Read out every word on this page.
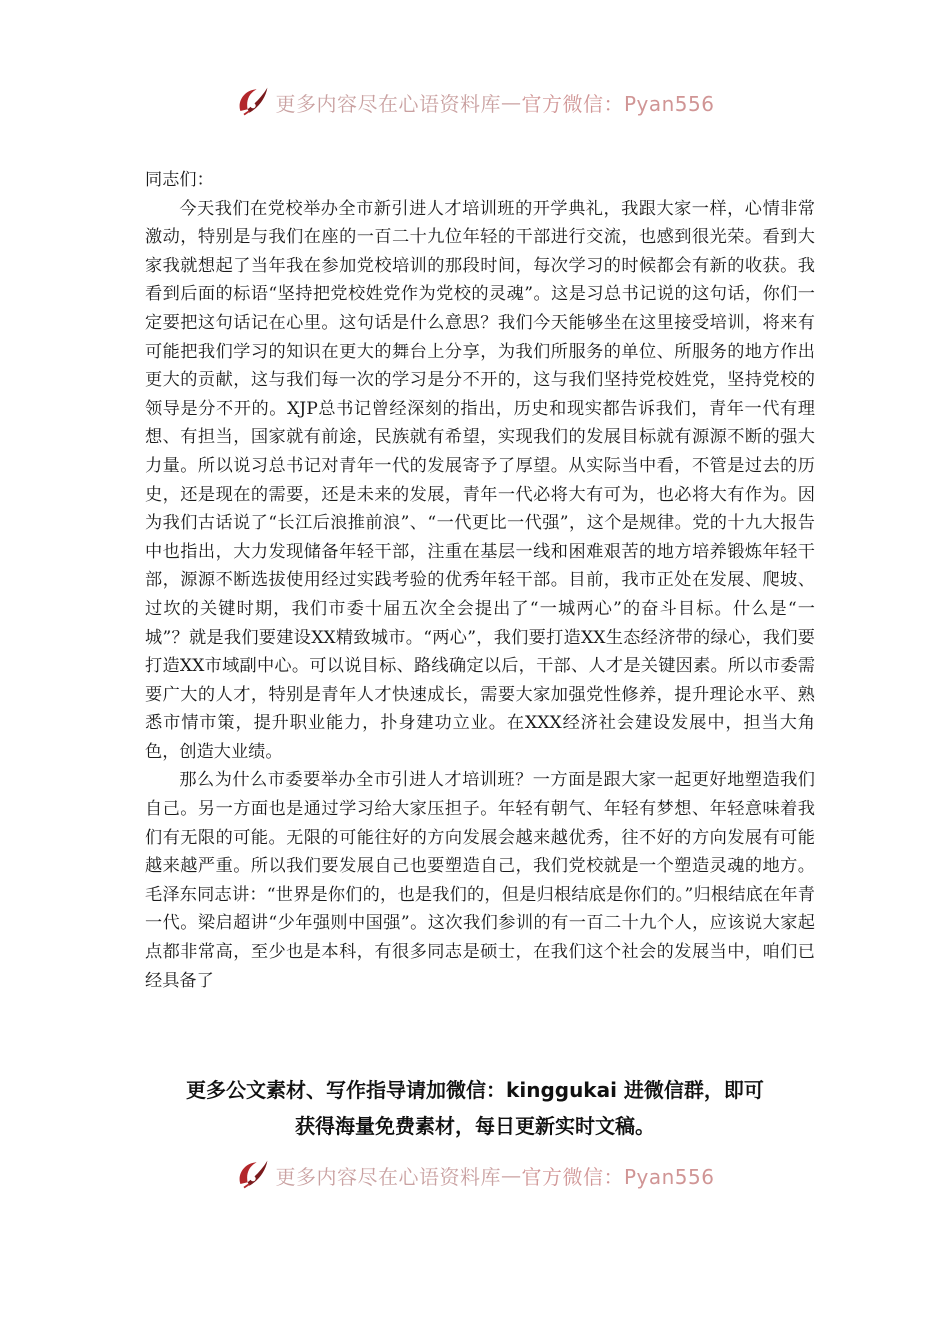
更多内容尽在心语资料库 — 官方微信：Pyan556

同志们：

今天我们在党校举办全市新引进人才培训班的开学典礼，我跟大家一样，心情非常激动，特别是与我们在座的一百二十九位年轻的干部进行交流，也感到很光荣。看到大家我就想起了当年我在参加党校培训的那段时间，每次学习的时候都会有新的收获。我看到后面的标语“坚持把党校姓党作为党校的灵魂”。这是习总书记说的这句话，你们一定要把这句话记在心里。这句话是什么意思？我们今天能够坐在这里接受培训，将来有可能把我们学习的知识在更大的舞台上分享，为我们所服务的单位、所服务的地方作出更大的贡献，这与我们每一次的学习是分不开的，这与我们坚持党校姓党，坚持党校的领导是分不开的。XJP总书记曾经深刻的指出，历史和现实都告诉我们，青年一代有理想、有担当，国家就有前途，民族就有希望，实现我们的发展目标就有源源不断的强大力量。所以说习总书记对青年一代的发展寄予了厚望。从实际当中看，不管是过去的历史，还是现在的需要，还是未来的发展，青年一代必将大有可为，也必将大有作为。因为我们古话说了“长江后浪推前浪”、“一代更比一代强”，这个是规律。党的十九大报告中也指出，大力发现储备年轻干部，注重在基层一线和困难艰苦的地方培养锻炼年轻干部，源源不断选拔使用经过实践考验的优秀年轻干部。目前，我市正处在发展、爬坡、过坎的关键时期，我们市委十届五次全会提出了“一城两心”的奋斗目标。什么是“一城”？就是我们要建设XX精致城市。“两心”，我们要打造XX生态经济带的绿心，我们要打造XX市域副中心。可以说目标、路线确定以后，干部、人才是关键因素。所以市委需要广大的人才，特别是青年人才快速成长，需要大家加强党性修养，提升理论水平、熟悉市情市策，提升职业能力，扑身建功立业。在XXX经济社会建设发展中，担当大角色，创造大业绩。

那么为什么市委要举办全市引进人才培训班？一方面是跟大家一起更好地塑造我们自己。另一方面也是通过学习给大家压担子。年轻有朝气、年轻有梦想、年轻意味着我们有无限的可能。无限的可能往好的方向发展会越来越优秀，往不好的方向发展有可能越来越严重。所以我们要发展自己也要塑造自己，我们党校就是一个塑造灵魂的地方。毛泽东同志讲：“世界是你们的，也是我们的，但是归根结底是你们的。”归根结底在年青一代。梁启超讲“少年强则中国强”。这次我们参训的有一百二十九个人，应该说大家起点都非常高，至少也是本科，有很多同志是硕士，在我们这个社会的发展当中，咱们已经具备了

更多公文素材、写作指导请加微信：kinggukai 进微信群，即可
获得海量免费素材，每日更新实时文稿。
更多内容尽在心语资料库 — 官方微信：Pyan556
